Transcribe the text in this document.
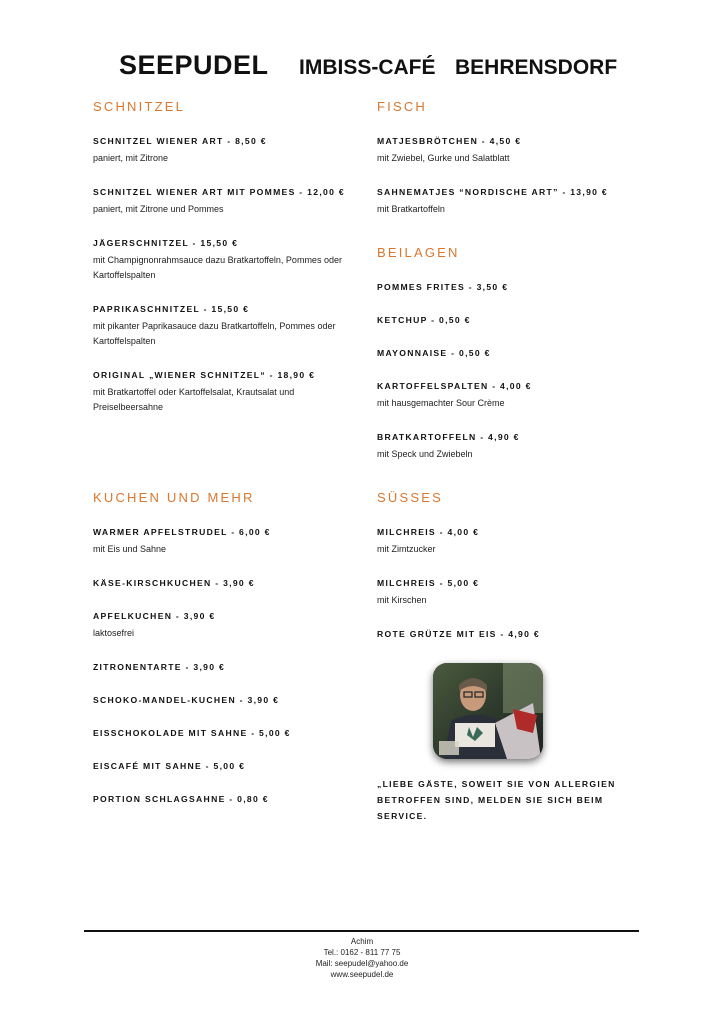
SEEPUDEL IMBISS-CAFÉ BEHRENSDORF
SCHNITZEL
SCHNITZEL WIENER ART - 8,50 €
paniert, mit Zitrone
SCHNITZEL WIENER ART MIT POMMES - 12,00 €
paniert, mit Zitrone und Pommes
JÄGERSCHNITZEL - 15,50 €
mit Champignonrahmsauce dazu Bratkartoffeln, Pommes oder Kartoffelspalten
PAPRIKASCHNITZEL - 15,50 €
mit pikanter Paprikasauce dazu Bratkartoffeln, Pommes oder Kartoffelspalten
ORIGINAL „WIENER SCHNITZEL“ - 18,90 €
mit Bratkartoffel oder Kartoffelsalat, Krautsalat und Preiselbeersahne
FISCH
MATJESBRÖTCHEN - 4,50 €
mit Zwiebel, Gurke und Salatblatt
SAHNEMATJES “NORDISCHE ART” - 13,90 €
mit Bratkartoffeln
BEILAGEN
POMMES FRITES - 3,50 €
KETCHUP - 0,50 €
MAYONNAISE - 0,50 €
KARTOFFELSPALTEN - 4,00 €
mit hausgemachter Sour Crème
BRATKARTOFFELN - 4,90 €
mit Speck und Zwiebeln
KUCHEN UND MEHR
WARMER APFELSTRUDEL - 6,00 €
mit Eis und Sahne
KÄSE-KIRSCHKUCHEN - 3,90 €
APFELKUCHEN - 3,90 €
laktosefrei
ZITRONENTARTE - 3,90 €
SCHOKO-MANDEL-KUCHEN - 3,90 €
EISSCHOKOLADE MIT SAHNE - 5,00 €
EISCAFÉ MIT SAHNE - 5,00 €
PORTION SCHLAGSAHNE - 0,80 €
SÜSSES
MILCHREIS - 4,00 €
mit Zimtzucker
MILCHREIS - 5,00 €
mit Kirschen
ROTE GRÜTZE MIT EIS - 4,90 €
„LIEBE GÄSTE, SOWEIT SIE VON ALLERGIEN BETROFFEN SIND, MELDEN SIE SICH BEIM SERVICE.
Achim
Tel.: 0162 - 811 77 75
Mail: seepudel@yahoo.de
www.seepudel.de
